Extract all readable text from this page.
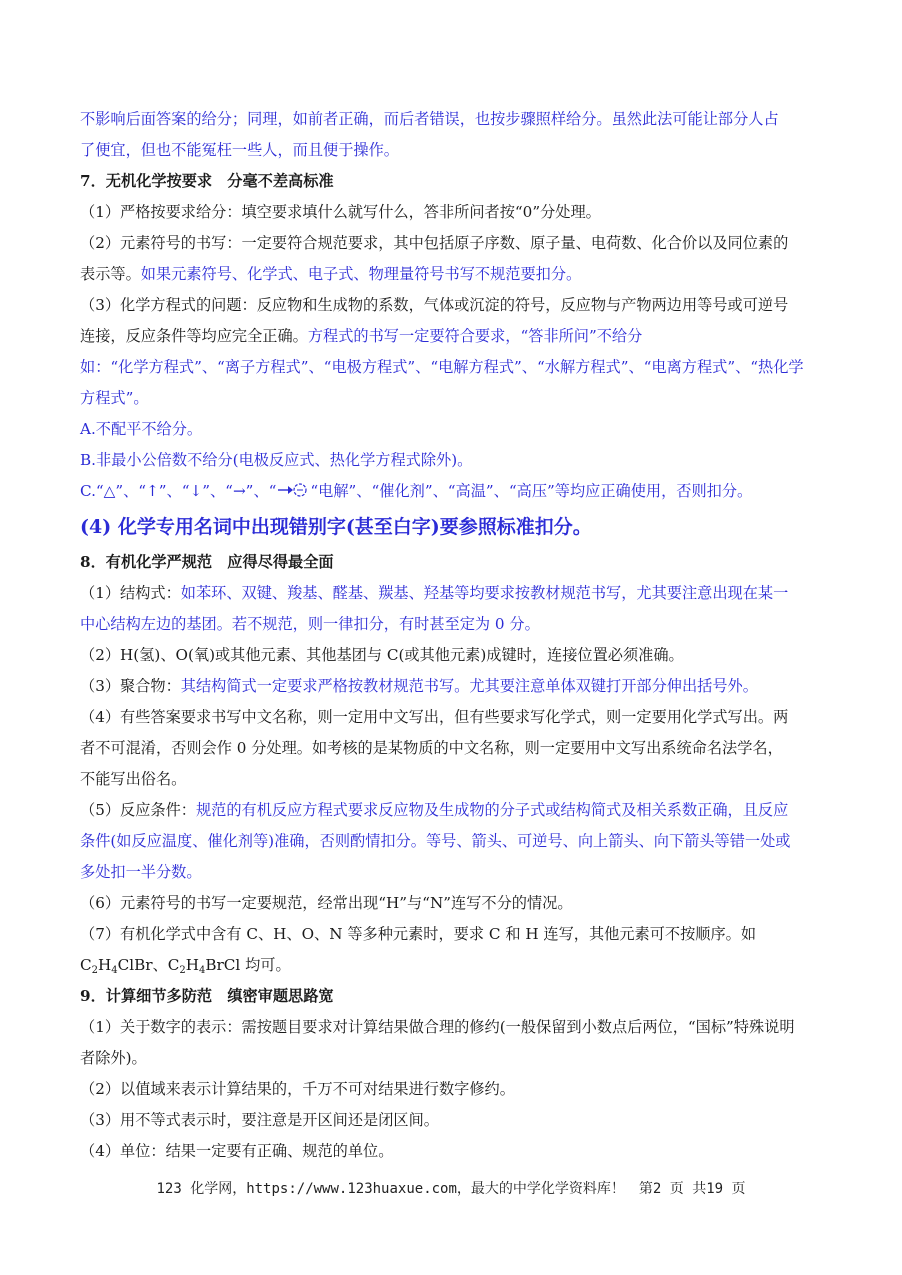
不影响后面答案的给分；同理，如前者正确，而后者错误，也按步骤照样给分。虽然此法可能让部分人占
了便宜，但也不能冤枉一些人，而且便于操作。
7．无机化学按要求　分毫不差高标准
（1）严格按要求给分：填空要求填什么就写什么，答非所问者按“0”分处理。
（2）元素符号的书写：一定要符合规范要求，其中包括原子序数、原子量、电荷数、化合价以及同位素的
表示等。如果元素符号、化学式、电子式、物理量符号书写不规范要扣分。
（3）化学方程式的问题：反应物和生成物的系数，气体或沉淀的符号，反应物与产物两边用等号或可逆号
连接，反应条件等均应完全正确。方程式的书写一定要符合要求，“答非所问”不给分
如：“化学方程式”、“离子方程式”、“电极方程式”、“电解方程式”、“水解方程式”、“电离方程式”、“热化学
方程式”。
A.不配平不给分。
B.非最小公倍数不给分(电极反应式、热化学方程式除外)。
C.“△”、“↑”、“↓”、“→”、“ “电解”、“催化剂”、“高温”、“高压”等均应正确使用，否则扣分。
(4) 化学专用名词中出现错别字(甚至白字)要参照标准扣分。
8．有机化学严规范　应得尽得最全面
（1）结构式：如苯环、双键、羧基、醛基、羰基、羟基等均要求按教材规范书写，尤其要注意出现在某一
中心结构左边的基团。若不规范，则一律扣分，有时甚至定为 0 分。
（2）H(氢)、O(氧)或其他元素、其他基团与 C(或其他元素)成键时，连接位置必须准确。
（3）聚合物：其结构简式一定要求严格按教材规范书写。尤其要注意单体双键打开部分伸出括号外。
（4）有些答案要求书写中文名称，则一定用中文写出，但有些要求写化学式，则一定要用化学式写出。两
者不可混淆，否则会作 0 分处理。如考核的是某物质的中文名称，则一定要用中文写出系统命名法学名，
不能写出俗名。
（5）反应条件：规范的有机反应方程式要求反应物及生成物的分子式或结构简式及相关系数正确，且反应
条件(如反应温度、催化剂等)准确，否则酌情扣分。等号、箭头、可逆号、向上箭头、向下箭头等错一处或
多处扣一半分数。
（6）元素符号的书写一定要规范，经常出现“H”与“N”连写不分的情况。
（7）有机化学式中含有 C、H、O、N 等多种元素时，要求 C 和 H 连写，其他元素可不按顺序。如
$C_2H_4ClBr$、$C_2H_4BrCl$ 均可。
9．计算细节多防范　缜密审题思路宽
（1）关于数字的表示：需按题目要求对计算结果做合理的修约(一般保留到小数点后两位，“国标”特殊说明
者除外)。
（2）以值域来表示计算结果的，千万不可对结果进行数字修约。
（3）用不等式表示时，要注意是开区间还是闭区间。
（4）单位：结果一定要有正确、规范的单位。
123 化学网，https://www.123huaxue.com，最大的中学化学资料库！　第2 页 共19 页
